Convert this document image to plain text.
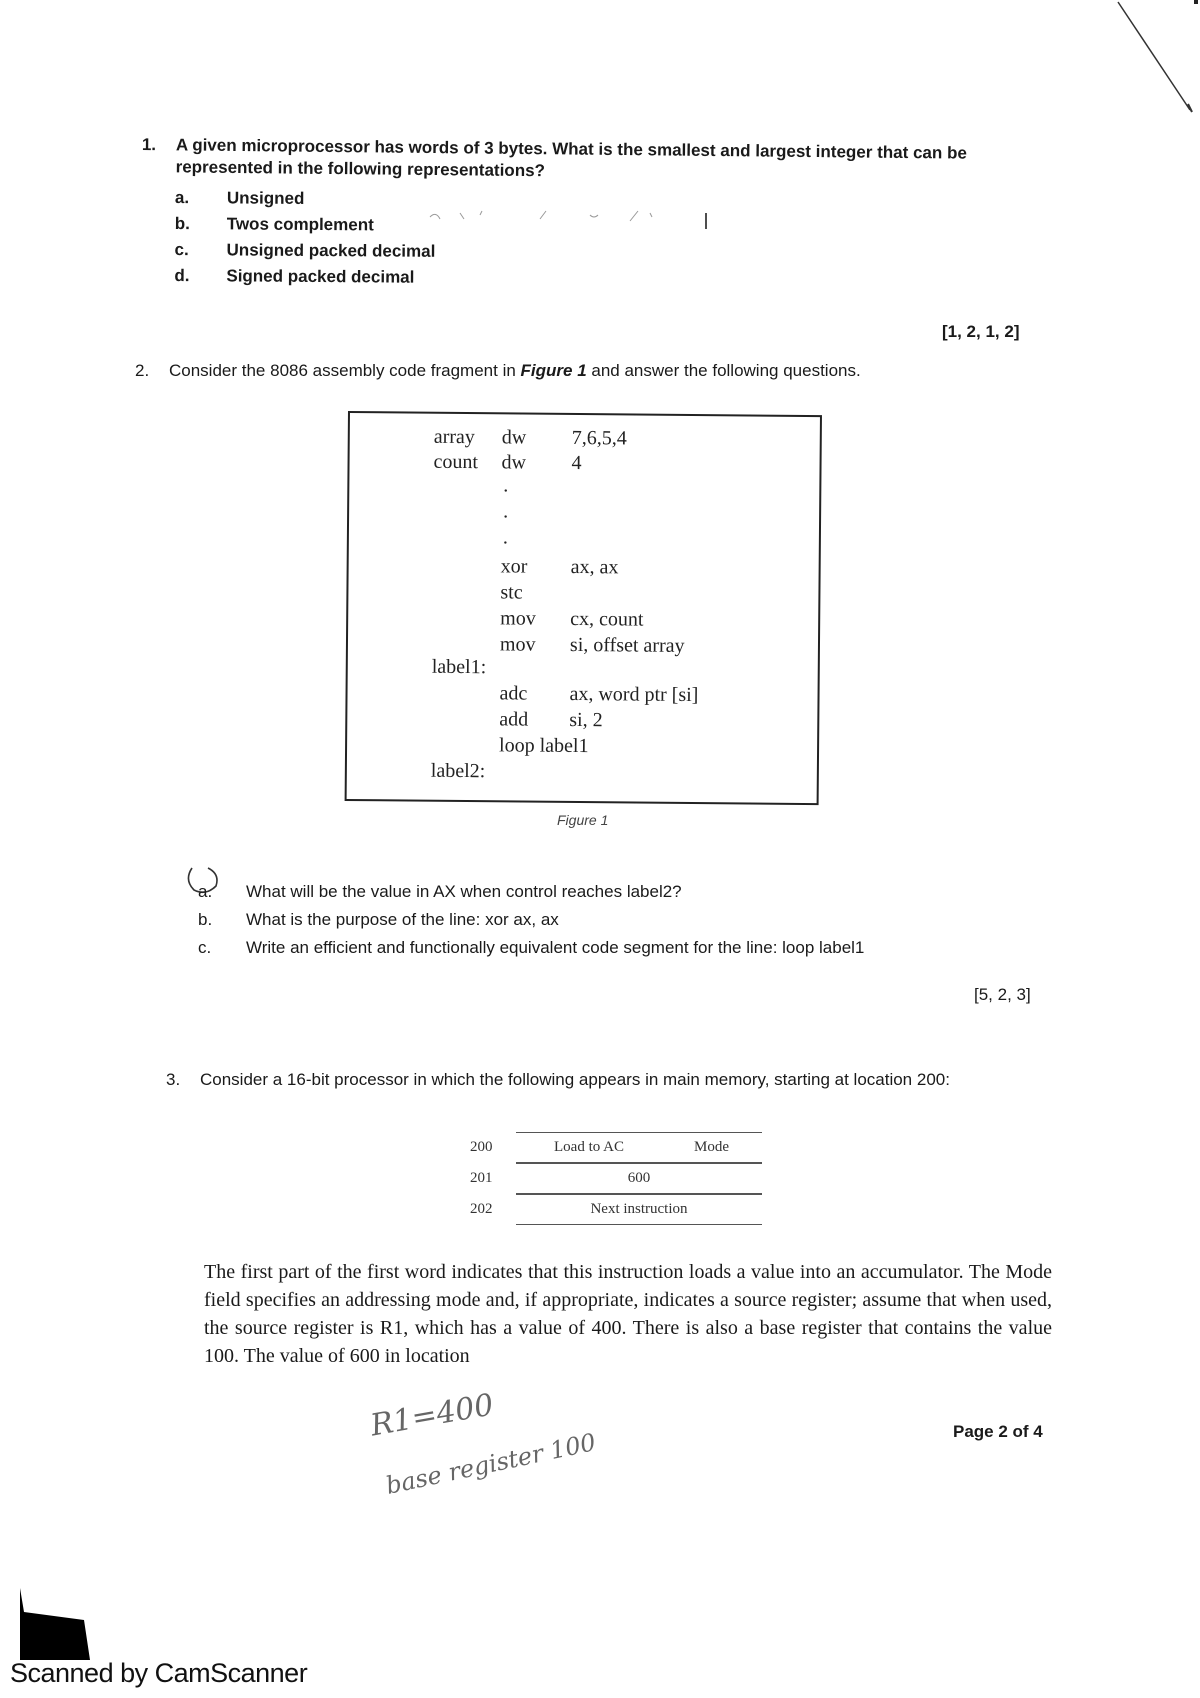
1. A given microprocessor has words of 3 bytes. What is the smallest and largest integer that can be represented in the following representations?
a.	Unsigned
b.	Twos complement
c.	Unsigned packed decimal
d.	Signed packed decimal
[1, 2, 1, 2]
2. Consider the 8086 assembly code fragment in Figure 1 and answer the following questions.
array dw 7,6,5,4
count dw 4
.
.
.
xor ax, ax
stc
mov cx, count
mov si, offset array
label1:
adc ax, word ptr [si]
add si, 2
loop label1
label2:
Figure 1
a. What will be the value in AX when control reaches label2?
b. What is the purpose of the line: xor ax, ax
c. Write an efficient and functionally equivalent code segment for the line: loop label1
[5, 2, 3]
3. Consider a 16-bit processor in which the following appears in main memory, starting at location 200:
200	Load to AC	Mode
201	600
202	Next instruction
The first part of the first word indicates that this instruction loads a value into an accumulator. The Mode field specifies an addressing mode and, if appropriate, indicates a source register; assume that when used, the source register is R1, which has a value of 400. There is also a base register that contains the value 100. The value of 600 in location
R1=400
base register 100	Page 2 of 4
Scanned by CamScanner
